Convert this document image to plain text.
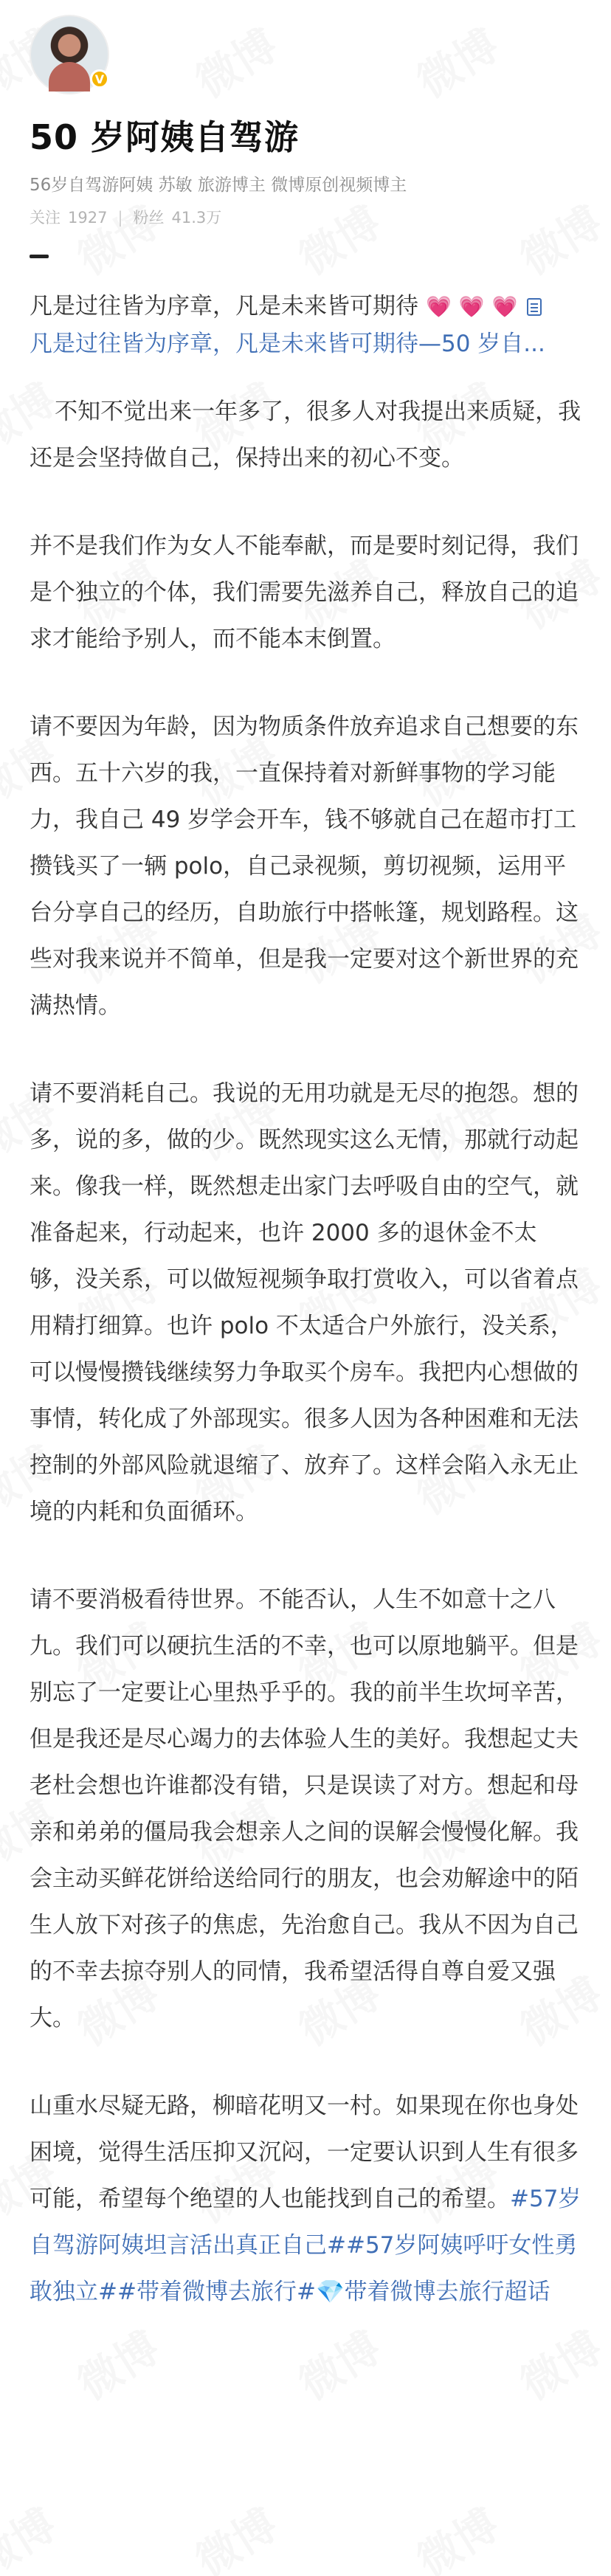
V
50 岁阿姨自驾游
56岁自驾游阿姨 苏敏 旅游博主 微博原创视频博主
关注 1927 | 粉丝 41.3万

凡是过往皆为序章，凡是未来皆可期待 💗 💗 💗
凡是过往皆为序章，凡是未来皆可期待—50 岁自...

不知不觉出来一年多了，很多人对我提出来质疑，我还是会坚持做自己，保持出来的初心不变。

并不是我们作为女人不能奉献，而是要时刻记得，我们是个独立的个体，我们需要先滋养自己，释放自己的追求才能给予别人，而不能本末倒置。

请不要因为年龄，因为物质条件放弃追求自己想要的东西。五十六岁的我，一直保持着对新鲜事物的学习能力，我自己 49 岁学会开车，钱不够就自己在超市打工攒钱买了一辆 polo，自己录视频，剪切视频，运用平台分享自己的经历，自助旅行中搭帐篷，规划路程。这些对我来说并不简单，但是我一定要对这个新世界的充满热情。

请不要消耗自己。我说的无用功就是无尽的抱怨。想的多，说的多，做的少。既然现实这么无情，那就行动起来。像我一样，既然想走出家门去呼吸自由的空气，就准备起来，行动起来，也许 2000 多的退休金不太够，没关系，可以做短视频争取打赏收入，可以省着点用精打细算。也许 polo 不太适合户外旅行，没关系，可以慢慢攒钱继续努力争取买个房车。我把内心想做的事情，转化成了外部现实。很多人因为各种困难和无法控制的外部风险就退缩了、放弃了。这样会陷入永无止境的内耗和负面循环。

请不要消极看待世界。不能否认，人生不如意十之八九。我们可以硬抗生活的不幸，也可以原地躺平。但是别忘了一定要让心里热乎乎的。我的前半生坎坷辛苦，但是我还是尽心竭力的去体验人生的美好。我想起丈夫老杜会想也许谁都没有错，只是误读了对方。想起和母亲和弟弟的僵局我会想亲人之间的误解会慢慢化解。我会主动买鲜花饼给送给同行的朋友，也会劝解途中的陌生人放下对孩子的焦虑，先治愈自己。我从不因为自己的不幸去掠夺别人的同情，我希望活得自尊自爱又强大。

山重水尽疑无路，柳暗花明又一村。如果现在你也身处困境，觉得生活压抑又沉闷，一定要认识到人生有很多可能，希望每个绝望的人也能找到自己的希望。#57岁自驾游阿姨坦言活出真正自己##57岁阿姨呼吁女性勇敢独立##带着微博去旅行#💎带着微博去旅行超话
